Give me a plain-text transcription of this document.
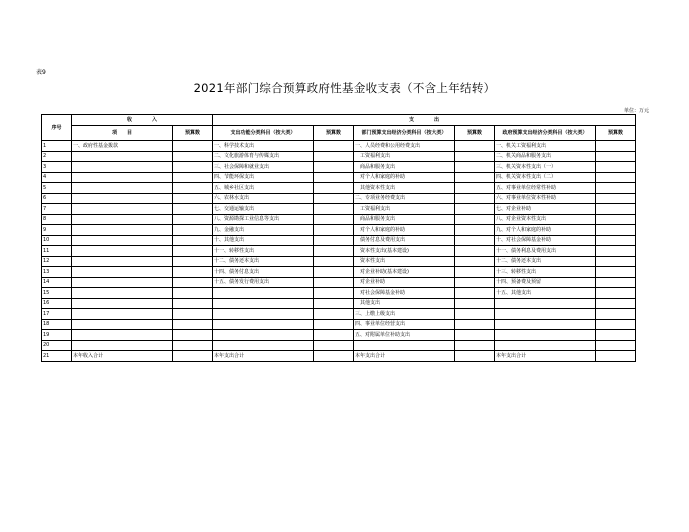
表9
2021年部门综合预算政府性基金收支表（不含上年结转）
单位：万元
序号	收　　　　入		支　　　　出					
	项　　目	预算数	支出功能分类科目（按大类）	预算数	部门预算支出经济分类科目（按大类）	预算数	政府预算支出经济分类科目（按大类）	预算数
1	一、政府性基金拨款		一、科学技术支出		一、人员经费和公用经费支出		一、机关工资福利支出	
2			二、文化旅游体育与传媒支出		　工资福利支出		二、机关商品和服务支出	
3			三、社会保障和就业支出		　商品和服务支出		三、机关资本性支出（一）	
4			四、节能环保支出		　对个人和家庭的补助		四、机关资本性支出（二）	
5			五、城乡社区支出		　其他资本性支出		五、对事业单位经常性补助	
6			六、农林水支出		二、专项业务经费支出		六、对事业单位资本性补助	
7			七、交通运输支出		　工资福利支出		七、对企业补助	
8			八、资源勘探工业信息等支出		　商品和服务支出		八、对企业资本性支出	
9			九、金融支出		　对个人和家庭的补助		九、对个人和家庭的补助	
10			十、其他支出		　债务付息及费用支出		十、对社会保障基金补助	
11			十一、转移性支出		　资本性支出(基本建设)		十一、债务利息及费用支出	
12			十二、债务还本支出		　资本性支出		十二、债务还本支出	
13			十四、债务付息支出		　对企业补助(基本建设)		十三、转移性支出	
14			十五、债务发行费用支出		　对企业补助		十四、预备费及预留	
15					　对社会保障基金补助		十五、其他支出	
16					　其他支出			
17					三、上缴上级支出			
18					四、事业单位经营支出			
19					五、对附属单位补助支出			
20								
21	本年收入合计		本年支出合计		本年支出合计		本年支出合计	
